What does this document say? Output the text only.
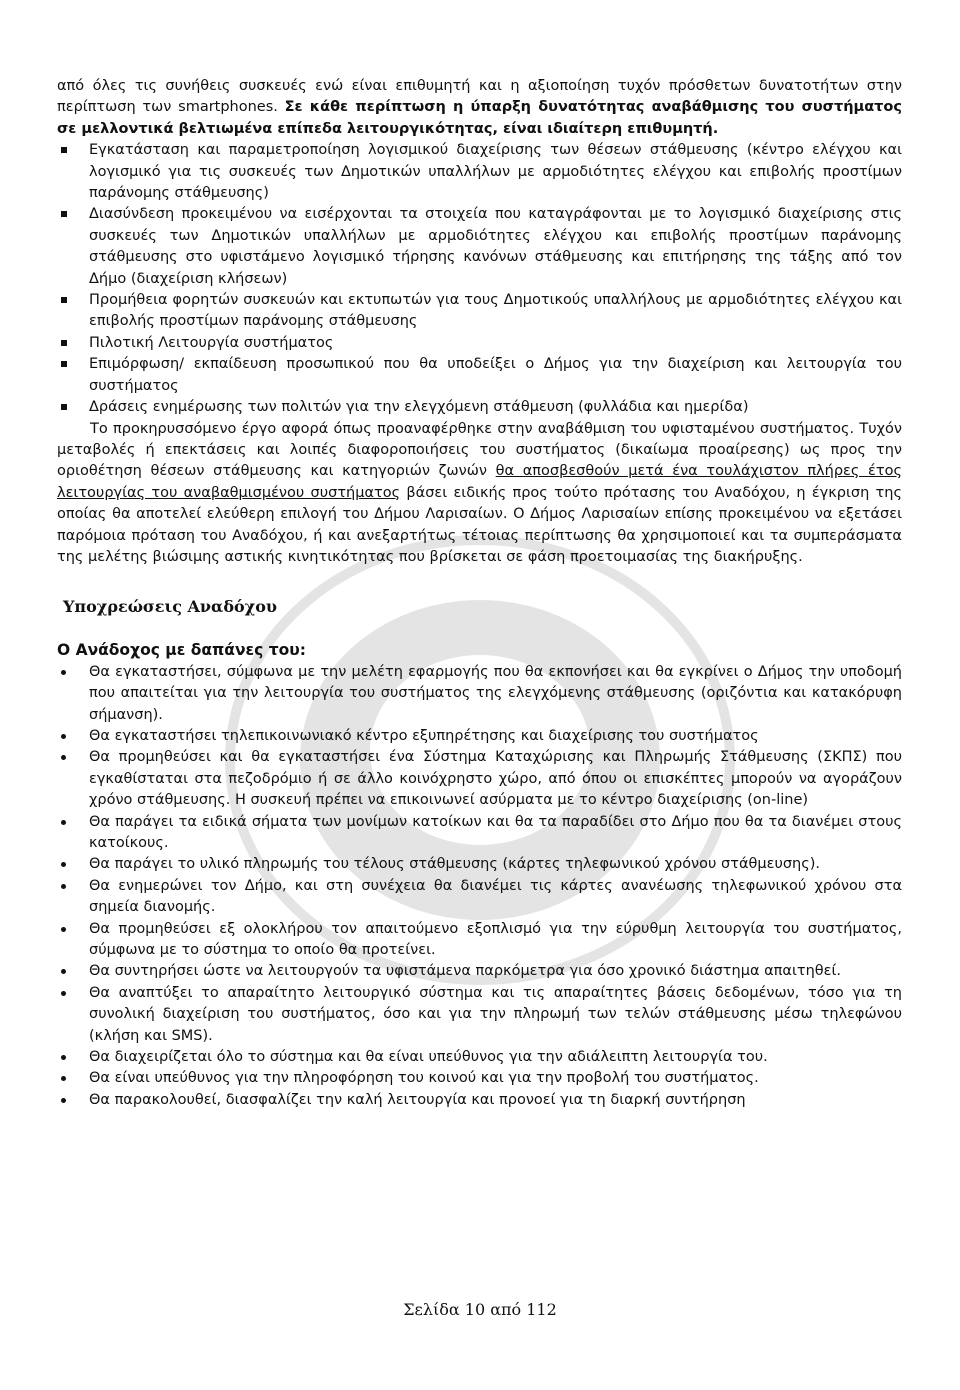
από όλες τις συνήθεις συσκευές ενώ είναι επιθυμητή και η αξιοποίηση τυχόν πρόσθετων δυνατοτήτων στην περίπτωση των smartphones. Σε κάθε περίπτωση η ύπαρξη δυνατότητας αναβάθμισης του συστήματος σε μελλοντικά βελτιωμένα επίπεδα λειτουργικότητας, είναι ιδιαίτερη επιθυμητή.

Εγκατάσταση και παραμετροποίηση λογισμικού διαχείρισης των θέσεων στάθμευσης (κέντρο ελέγχου και λογισμικό για τις συσκευές των Δημοτικών υπαλλήλων με αρμοδιότητες ελέγχου και επιβολής προστίμων παράνομης στάθμευσης)
Διασύνδεση προκειμένου να εισέρχονται τα στοιχεία που καταγράφονται με το λογισμικό διαχείρισης στις συσκευές των Δημοτικών υπαλλήλων με αρμοδιότητες ελέγχου και επιβολής προστίμων παράνομης στάθμευσης στο υφιστάμενο λογισμικό τήρησης κανόνων στάθμευσης και επιτήρησης της τάξης από τον Δήμο (διαχείριση κλήσεων)
Προμήθεια φορητών συσκευών και εκτυπωτών για τους Δημοτικούς υπαλλήλους με αρμοδιότητες ελέγχου και επιβολής προστίμων παράνομης στάθμευσης
Πιλοτική Λειτουργία συστήματος
Επιμόρφωση/ εκπαίδευση προσωπικού που θα υποδείξει ο Δήμος για την διαχείριση και λειτουργία του συστήματος
Δράσεις ενημέρωσης των πολιτών για την ελεγχόμενη στάθμευση (φυλλάδια και ημερίδα)

Το προκηρυσσόμενο έργο αφορά όπως προαναφέρθηκε στην αναβάθμιση του υφισταμένου συστήματος. Τυχόν μεταβολές ή επεκτάσεις και λοιπές διαφοροποιήσεις του συστήματος (δικαίωμα προαίρεσης) ως προς την οριοθέτηση θέσεων στάθμευσης και κατηγοριών ζωνών θα αποσβεσθούν μετά ένα τουλάχιστον πλήρες έτος λειτουργίας του αναβαθμισμένου συστήματος βάσει ειδικής προς τούτο πρότασης του Αναδόχου, η έγκριση της οποίας θα αποτελεί ελεύθερη επιλογή του Δήμου Λαρισαίων. Ο Δήμος Λαρισαίων επίσης προκειμένου να εξετάσει παρόμοια πρόταση του Αναδόχου, ή και ανεξαρτήτως τέτοιας περίπτωσης θα χρησιμοποιεί και τα συμπεράσματα της μελέτης βιώσιμης αστικής κινητικότητας που βρίσκεται σε φάση προετοιμασίας της διακήρυξης.

Υποχρεώσεις Αναδόχου
Ο Ανάδοχος με δαπάνες του:
Θα εγκαταστήσει, σύμφωνα με την μελέτη εφαρμογής που θα εκπονήσει και θα εγκρίνει ο Δήμος την υποδομή που απαιτείται για την λειτουργία του συστήματος της ελεγχόμενης στάθμευσης (οριζόντια και κατακόρυφη σήμανση).
Θα εγκαταστήσει τηλεπικοινωνιακό κέντρο εξυπηρέτησης και διαχείρισης του συστήματος
Θα προμηθεύσει και θα εγκαταστήσει ένα Σύστημα Καταχώρισης και Πληρωμής Στάθμευσης (ΣΚΠΣ) που εγκαθίσταται στα πεζοδρόμιο ή σε άλλο κοινόχρηστο χώρο, από όπου οι επισκέπτες μπορούν να αγοράζουν χρόνο στάθμευσης. Η συσκευή πρέπει να επικοινωνεί ασύρματα με το κέντρο διαχείρισης (on-line)
Θα παράγει τα ειδικά σήματα των μονίμων κατοίκων και θα τα παραδίδει στο Δήμο που θα τα διανέμει στους κατοίκους.
Θα παράγει το υλικό πληρωμής του τέλους στάθμευσης (κάρτες τηλεφωνικού χρόνου στάθμευσης).
Θα ενημερώνει τον Δήμο, και στη συνέχεια θα διανέμει τις κάρτες ανανέωσης τηλεφωνικού χρόνου στα σημεία διανομής.
Θα προμηθεύσει εξ ολοκλήρου τον απαιτούμενο εξοπλισμό για την εύρυθμη λειτουργία του συστήματος, σύμφωνα με το σύστημα το οποίο θα προτείνει.
Θα συντηρήσει ώστε να λειτουργούν τα υφιστάμενα παρκόμετρα για όσο χρονικό διάστημα απαιτηθεί.
Θα αναπτύξει το απαραίτητο λειτουργικό σύστημα και τις απαραίτητες βάσεις δεδομένων, τόσο για τη συνολική διαχείριση του συστήματος, όσο και για την πληρωμή των τελών στάθμευσης μέσω τηλεφώνου (κλήση και SMS).
Θα διαχειρίζεται όλο το σύστημα και θα είναι υπεύθυνος για την αδιάλειπτη λειτουργία του.
Θα είναι υπεύθυνος για την πληροφόρηση του κοινού και για την προβολή του συστήματος.
Θα παρακολουθεί, διασφαλίζει την καλή λειτουργία και προνοεί για τη διαρκή συντήρηση
Σελίδα 10 από 112
